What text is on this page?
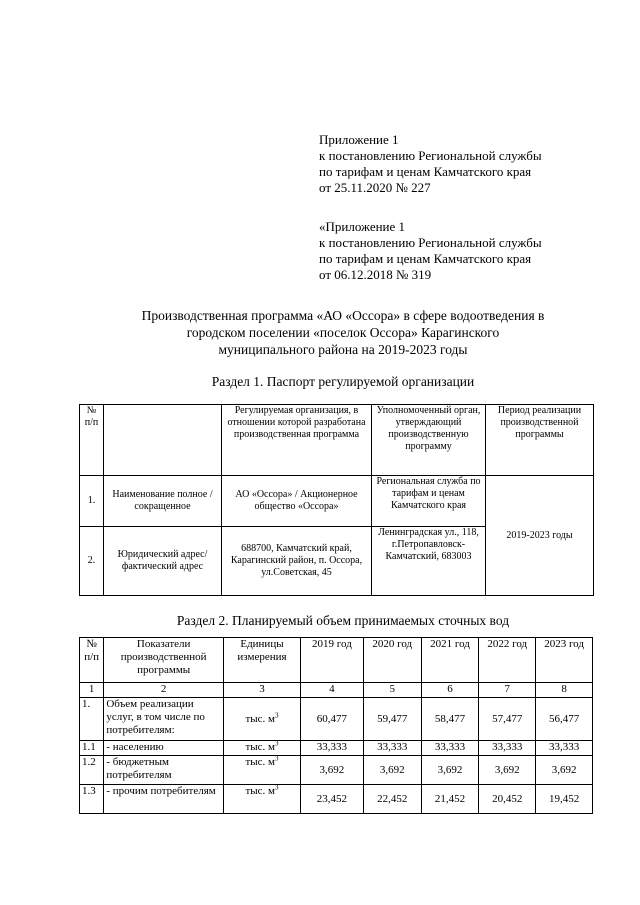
Приложение 1
к постановлению Региональной службы
по тарифам и ценам Камчатского края
от 25.11.2020 № 227
«Приложение 1
к постановлению Региональной службы
по тарифам и ценам Камчатского края
от 06.12.2018 № 319
Производственная программа «АО «Оссора» в сфере водоотведения в
городском поселении «поселок Оссора» Карагинского
муниципального района на 2019-2023 годы
Раздел 1. Паспорт регулируемой организации
№ п/п		Регулируемая организация, в отношении которой разработана производственная программа	Уполномоченный орган, утверждающий производственную программу	Период реализации производственной программы
1.	Наименование полное / сокращенное	АО «Оссора» / Акционерное общество «Оссора»	Региональная служба по тарифам и ценам Камчатского края	2019-2023 годы
2.	Юридический адрес/фактический адрес	688700, Камчатский край, Карагинский район, п. Оссора, ул.Советская, 45	Ленинградская ул., 118, г.Петропавловск-Камчатский, 683003	
Раздел 2. Планируемый объем принимаемых сточных вод
№ п/п	Показатели производственной программы	Единицы измерения	2019 год	2020 год	2021 год	2022 год	2023 год
1	2	3	4	5	6	7	8
1.	Объем реализации услуг, в том числе по потребителям:	тыс. $м^3$	60,477	59,477	58,477	57,477	56,477
1.1	- населению	тыс. $м^3$	33,333	33,333	33,333	33,333	33,333
1.2	- бюджетным потребителям	тыс. $м^3$	3,692	3,692	3,692	3,692	3,692
1.3	- прочим потребителям	тыс. $м^3$	23,452	22,452	21,452	20,452	19,452
